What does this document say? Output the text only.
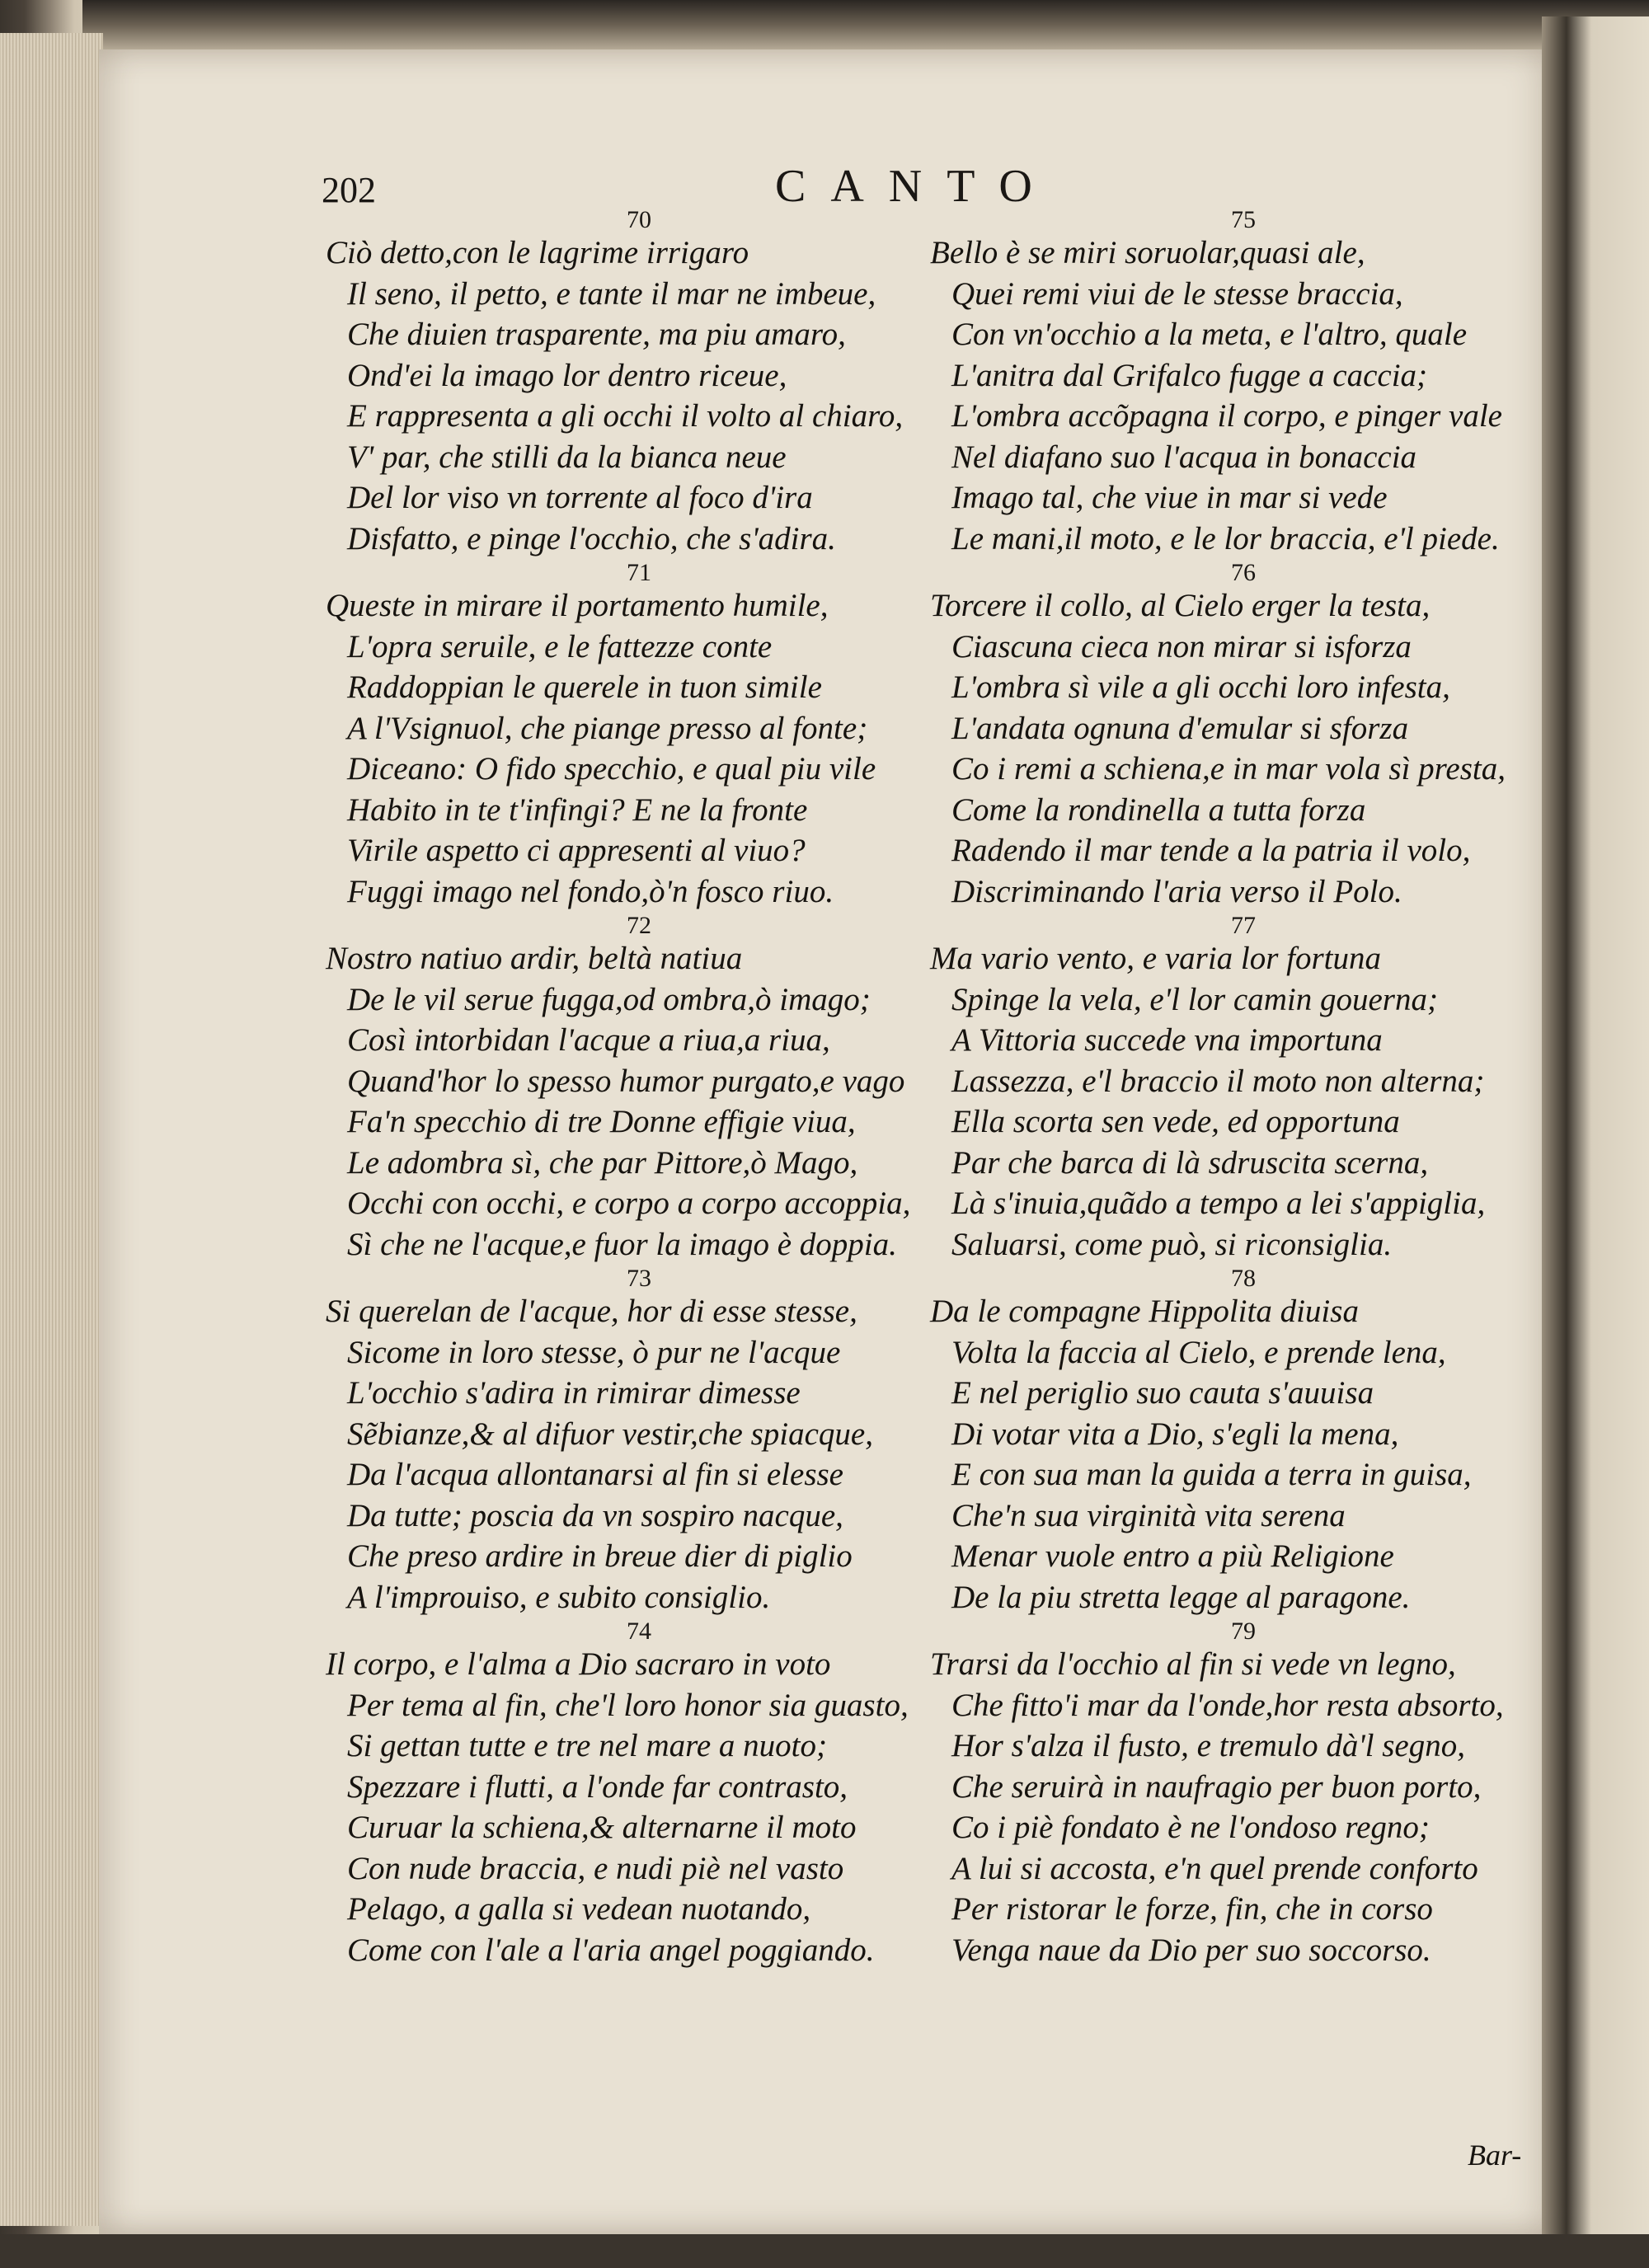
202	CANTO
70
Ciò detto,con le lagrime irrigaro
Il seno, il petto, e tante il mar ne imbeue,
Che diuien trasparente, ma piu amaro,
Ond'ei la imago lor dentro riceue,
E rappresenta a gli occhi il volto al chiaro,
V' par, che stilli da la bianca neue
Del lor viso vn torrente al foco d'ira
Disfatto, e pinge l'occhio, che s'adira.
71
Queste in mirare il portamento humile,
L'opra seruile, e le fattezze conte
Raddoppian le querele in tuon simile
A l'Vsignuol, che piange presso al fonte;
Diceano: O fido specchio, e qual piu vile
Habito in te t'infingi? E ne la fronte
Virile aspetto ci appresenti al viuo?
Fuggi imago nel fondo,ò'n fosco riuo.
72
Nostro natiuo ardir, beltà natiua
De le vil serue fugga,od ombra,ò imago;
Così intorbidan l'acque a riua,a riua,
Quand'hor lo spesso humor purgato,e vago
Fa'n specchio di tre Donne effigie viua,
Le adombra sì, che par Pittore,ò Mago,
Occhi con occhi, e corpo a corpo accoppia,
Sì che ne l'acque,e fuor la imago è doppia.
73
Si querelan de l'acque, hor di esse stesse,
Sicome in loro stesse, ò pur ne l'acque
L'occhio s'adira in rimirar dimesse
Sẽbianze,& al difuor vestir,che spiacque,
Da l'acqua allontanarsi al fin si elesse
Da tutte; poscia da vn sospiro nacque,
Che preso ardire in breue dier di piglio
A l'improuiso, e subito consiglio.
74
Il corpo, e l'alma a Dio sacraro in voto
Per tema al fin, che'l loro honor sia guasto,
Si gettan tutte e tre nel mare a nuoto;
Spezzare i flutti, a l'onde far contrasto,
Curuar la schiena,& alternarne il moto
Con nude braccia, e nudi piè nel vasto
Pelago, a galla si vedean nuotando,
Come con l'ale a l'aria angel poggiando.
75
Bello è se miri soruolar,quasi ale,
Quei remi viui de le stesse braccia,
Con vn'occhio a la meta, e l'altro, quale
L'anitra dal Grifalco fugge a caccia;
L'ombra accõpagna il corpo, e pinger vale
Nel diafano suo l'acqua in bonaccia
Imago tal, che viue in mar si vede
Le mani,il moto, e le lor braccia, e'l piede.
76
Torcere il collo, al Cielo erger la testa,
Ciascuna cieca non mirar si isforza
L'ombra sì vile a gli occhi loro infesta,
L'andata ognuna d'emular si sforza
Co i remi a schiena,e in mar vola sì presta,
Come la rondinella a tutta forza
Radendo il mar tende a la patria il volo,
Discriminando l'aria verso il Polo.
77
Ma vario vento, e varia lor fortuna
Spinge la vela, e'l lor camin gouerna;
A Vittoria succede vna importuna
Lassezza, e'l braccio il moto non alterna;
Ella scorta sen vede, ed opportuna
Par che barca di là sdruscita scerna,
Là s'inuia,quãdo a tempo a lei s'appiglia,
Saluarsi, come può, si riconsiglia.
78
Da le compagne Hippolita diuisa
Volta la faccia al Cielo, e prende lena,
E nel periglio suo cauta s'auuisa
Di votar vita a Dio, s'egli la mena,
E con sua man la guida a terra in guisa,
Che'n sua virginità vita serena
Menar vuole entro a più Religione
De la piu stretta legge al paragone.
79
Trarsi da l'occhio al fin si vede vn legno,
Che fitto'i mar da l'onde,hor resta absorto,
Hor s'alza il fusto, e tremulo dà'l segno,
Che seruirà in naufragio per buon porto,
Co i piè fondato è ne l'ondoso regno;
A lui si accosta, e'n quel prende conforto
Per ristorar le forze, fin, che in corso
Venga naue da Dio per suo soccorso.
Bar-
